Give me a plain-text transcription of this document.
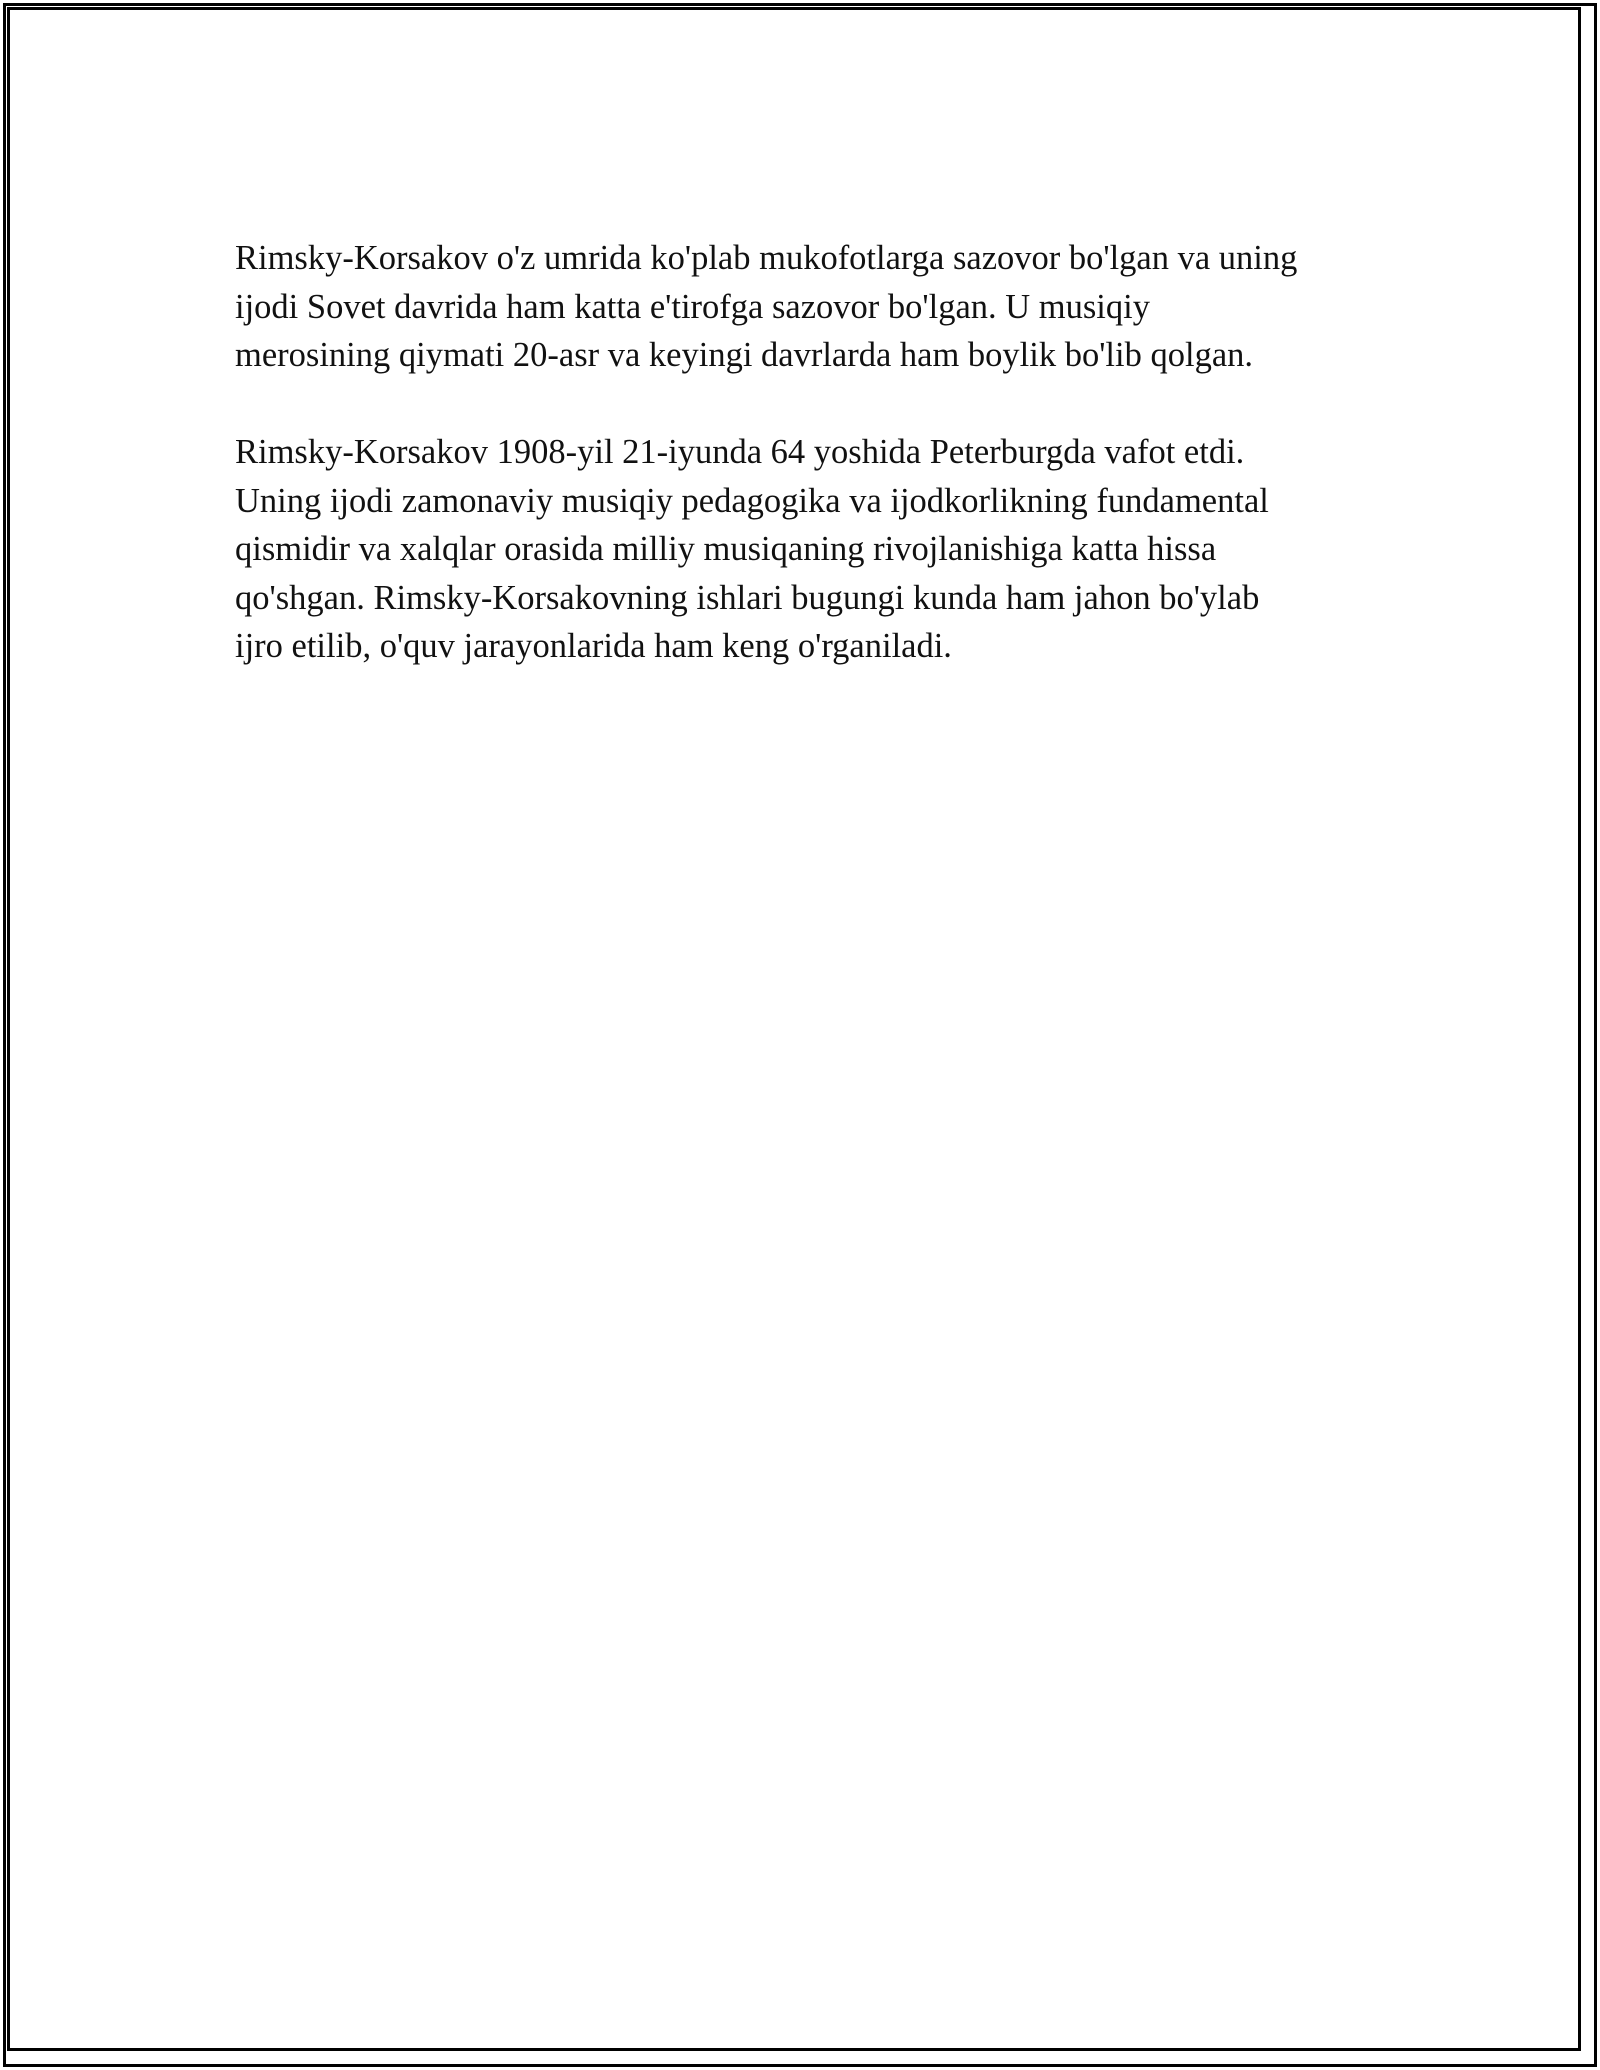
Rimsky-Korsakov o'z umrida ko'plab mukofotlarga sazovor bo'lgan va uning
ijodi Sovet davrida ham katta e'tirofga sazovor bo'lgan. U musiqiy
merosining qiymati 20-asr va keyingi davrlarda ham boylik bo'lib qolgan.

Rimsky-Korsakov 1908-yil 21-iyunda 64 yoshida Peterburgda vafot etdi.
Uning ijodi zamonaviy musiqiy pedagogika va ijodkorlikning fundamental
qismidir va xalqlar orasida milliy musiqaning rivojlanishiga katta hissa
qo'shgan. Rimsky-Korsakovning ishlari bugungi kunda ham jahon bo'ylab
ijro etilib, o'quv jarayonlarida ham keng o'rganiladi.
